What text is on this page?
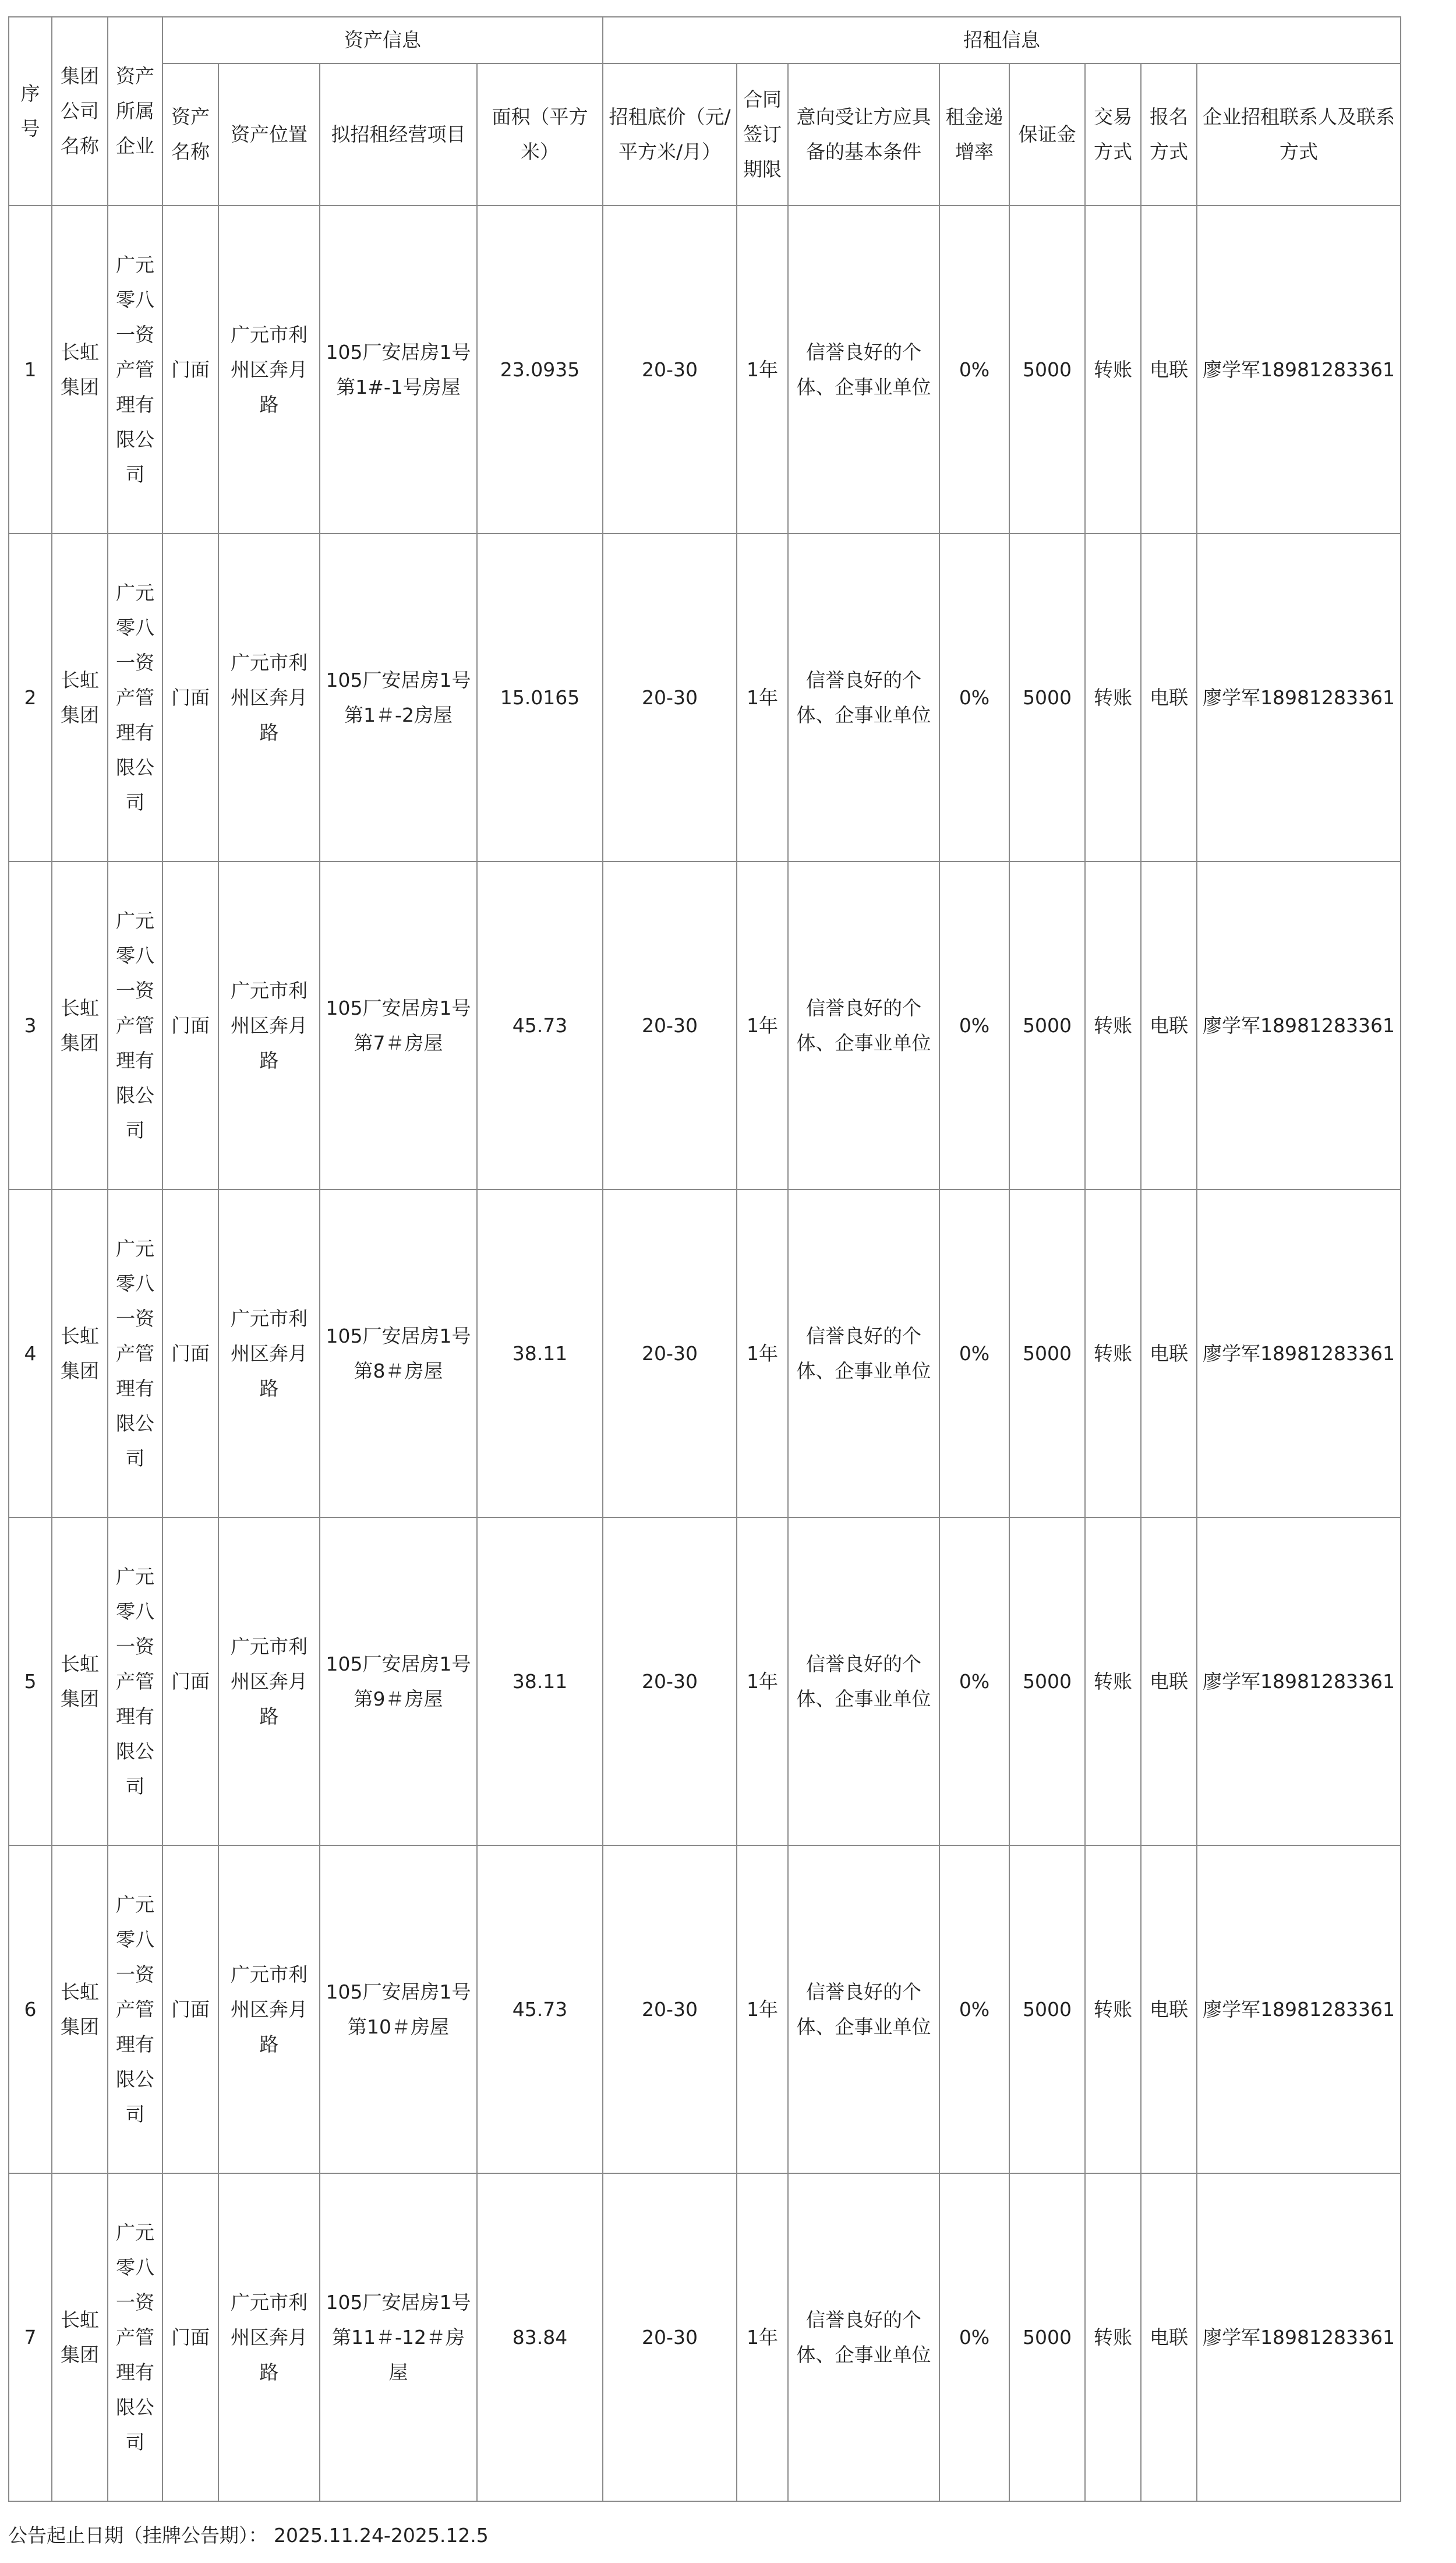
序号	集团公司名称	资产所属企业	资产信息				招租信息	
			资产名称	资产位置	拟招租经营项目	面积（平方米）	招租底价（元/平方米/月）	合同签订期限	意向受让方应具备的基本条件	租金递增率	保证金	交易方式	报名方式	企业招租联系人及联系方式	
1	长虹集团	广元零八一资产管理有限公司	门面	广元市利州区奔月路	105厂安居房1号第1#-1号房屋	23.0935	20-30	1年	信誉良好的个体、企事业单位	0%	5000	转账	电联	廖学军18981283361	
2	长虹集团	广元零八一资产管理有限公司	门面	广元市利州区奔月路	105厂安居房1号第1＃-2房屋	15.0165	20-30	1年	信誉良好的个体、企事业单位	0%	5000	转账	电联	廖学军18981283361	
3	长虹集团	广元零八一资产管理有限公司	门面	广元市利州区奔月路	105厂安居房1号第7＃房屋	45.73	20-30	1年	信誉良好的个体、企事业单位	0%	5000	转账	电联	廖学军18981283361	
4	长虹集团	广元零八一资产管理有限公司	门面	广元市利州区奔月路	105厂安居房1号第8＃房屋	38.11	20-30	1年	信誉良好的个体、企事业单位	0%	5000	转账	电联	廖学军18981283361	
5	长虹集团	广元零八一资产管理有限公司	门面	广元市利州区奔月路	105厂安居房1号第9＃房屋	38.11	20-30	1年	信誉良好的个体、企事业单位	0%	5000	转账	电联	廖学军18981283361	
6	长虹集团	广元零八一资产管理有限公司	门面	广元市利州区奔月路	105厂安居房1号第10＃房屋	45.73	20-30	1年	信誉良好的个体、企事业单位	0%	5000	转账	电联	廖学军18981283361	
7	长虹集团	广元零八一资产管理有限公司	门面	广元市利州区奔月路	105厂安居房1号第11＃-12＃房屋	83.84	20-30	1年	信誉良好的个体、企事业单位	0%	5000	转账	电联	廖学军18981283361	
公告起止日期（挂牌公告期）： 2025.11.24-2025.12.5
